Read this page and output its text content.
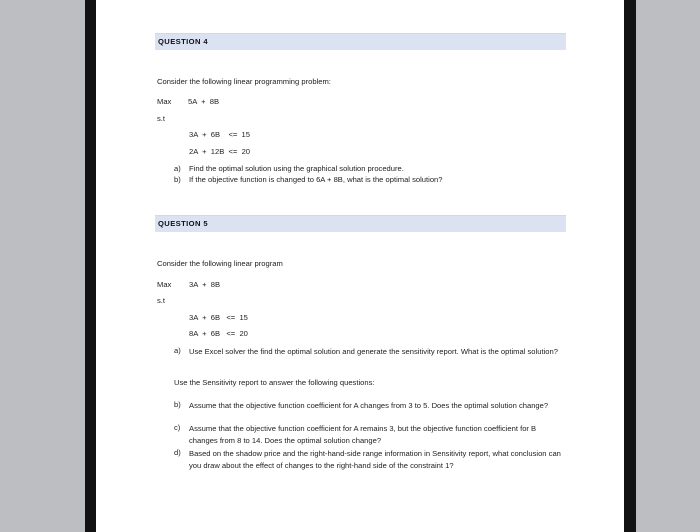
QUESTION 4
Consider the following linear programming problem:
Max 5A  +  8B
s.t
3A  +  6B    <=  15
2A  +  12B  <=  20
a) Find the optimal solution using the graphical solution procedure.
b) If the objective function is changed to 6A + 8B, what is the optimal solution?
QUESTION 5
Consider the following linear program
Max 3A  +  8B
s.t
3A  +  6B   <=  15
8A  +  6B   <=  20
a) Use Excel solver the find the optimal solution and generate the sensitivity report. What is the optimal solution?
Use the Sensitivity report to answer the following questions:
b) Assume that the objective function coefficient for A changes from 3 to 5. Does the optimal solution change?
c) Assume that the objective function coefficient for A remains 3, but the objective function coefficient for B changes from 8 to 14. Does the optimal solution change?
d) Based on the shadow price and the right-hand-side range information in Sensitivity report, what conclusion can you draw about the effect of changes to the right-hand side of the constraint 1?
